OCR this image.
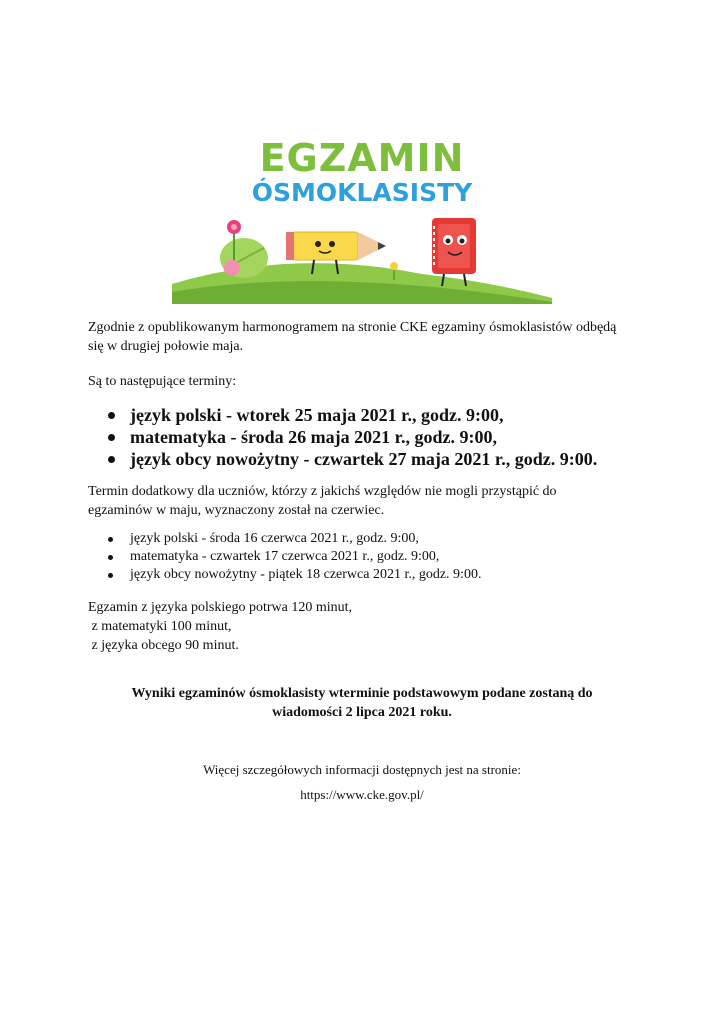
EGZAMIN

ÓSMOKLASISTY

Zgodnie z opublikowanym harmonogramem na stronie CKE egzaminy ósmoklasistów odbędą
się w drugiej połowie maja.

Są to następujące terminy:

język polski - wtorek 25 maja 2021 r., godz. 9:00,
matematyka - środa 26 maja 2021 r., godz. 9:00,
język obcy nowożytny - czwartek 27 maja 2021 r., godz. 9:00.

Termin dodatkowy dla uczniów, którzy z jakichś względów nie mogli przystąpić do
egzaminów w maju, wyznaczony został na czerwiec.

język polski - środa 16 czerwca 2021 r., godz. 9:00,
matematyka - czwartek 17 czerwca 2021 r., godz. 9:00,
język obcy nowożytny - piątek 18 czerwca 2021 r., godz. 9:00.

Egzamin z języka polskiego potrwa 120 minut,
z matematyki 100 minut,
z języka obcego 90 minut.

Wyniki egzaminów ósmoklasisty wterminie podstawowym podane zostaną do
wiadomości 2 lipca 2021 roku.

Więcej szczegółowych informacji dostępnych jest na stronie:

https://www.cke.gov.pl/
